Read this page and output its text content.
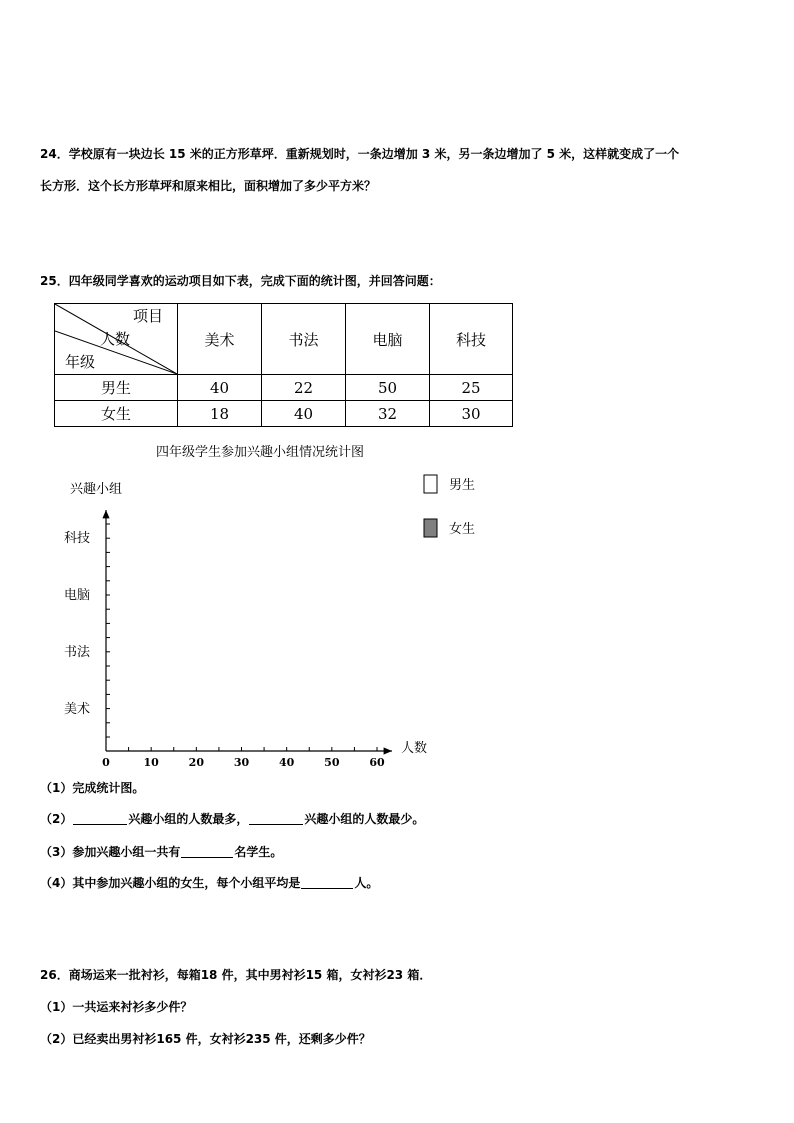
24．学校原有一块边长 15 米的正方形草坪．重新规划时，一条边增加 3 米，另一条边增加了 5 米，这样就变成了一个
长方形．这个长方形草坪和原来相比，面积增加了多少平方米？
25．四年级同学喜欢的运动项目如下表，完成下面的统计图，并回答问题：
项目
人数
年级	美术	书法	电脑	科技
男生	40	22	50	25
女生	18	40	32	30
四年级学生参加兴趣小组情况统计图
0	10	20	30	40	50	60
美术
书法
电脑
科技
兴趣小组
人数
男生
女生
（1）完成统计图。
（2）	兴趣小组的人数最多，	兴趣小组的人数最少。
（3）参加兴趣小组一共有	名学生。
（4）其中参加兴趣小组的女生，每个小组平均是	人。
26．商场运来一批衬衫，每箱18 件，其中男衬衫15 箱，女衬衫23 箱．
（1）一共运来衬衫多少件？
（2）已经卖出男衬衫165 件，女衬衫235 件，还剩多少件？
